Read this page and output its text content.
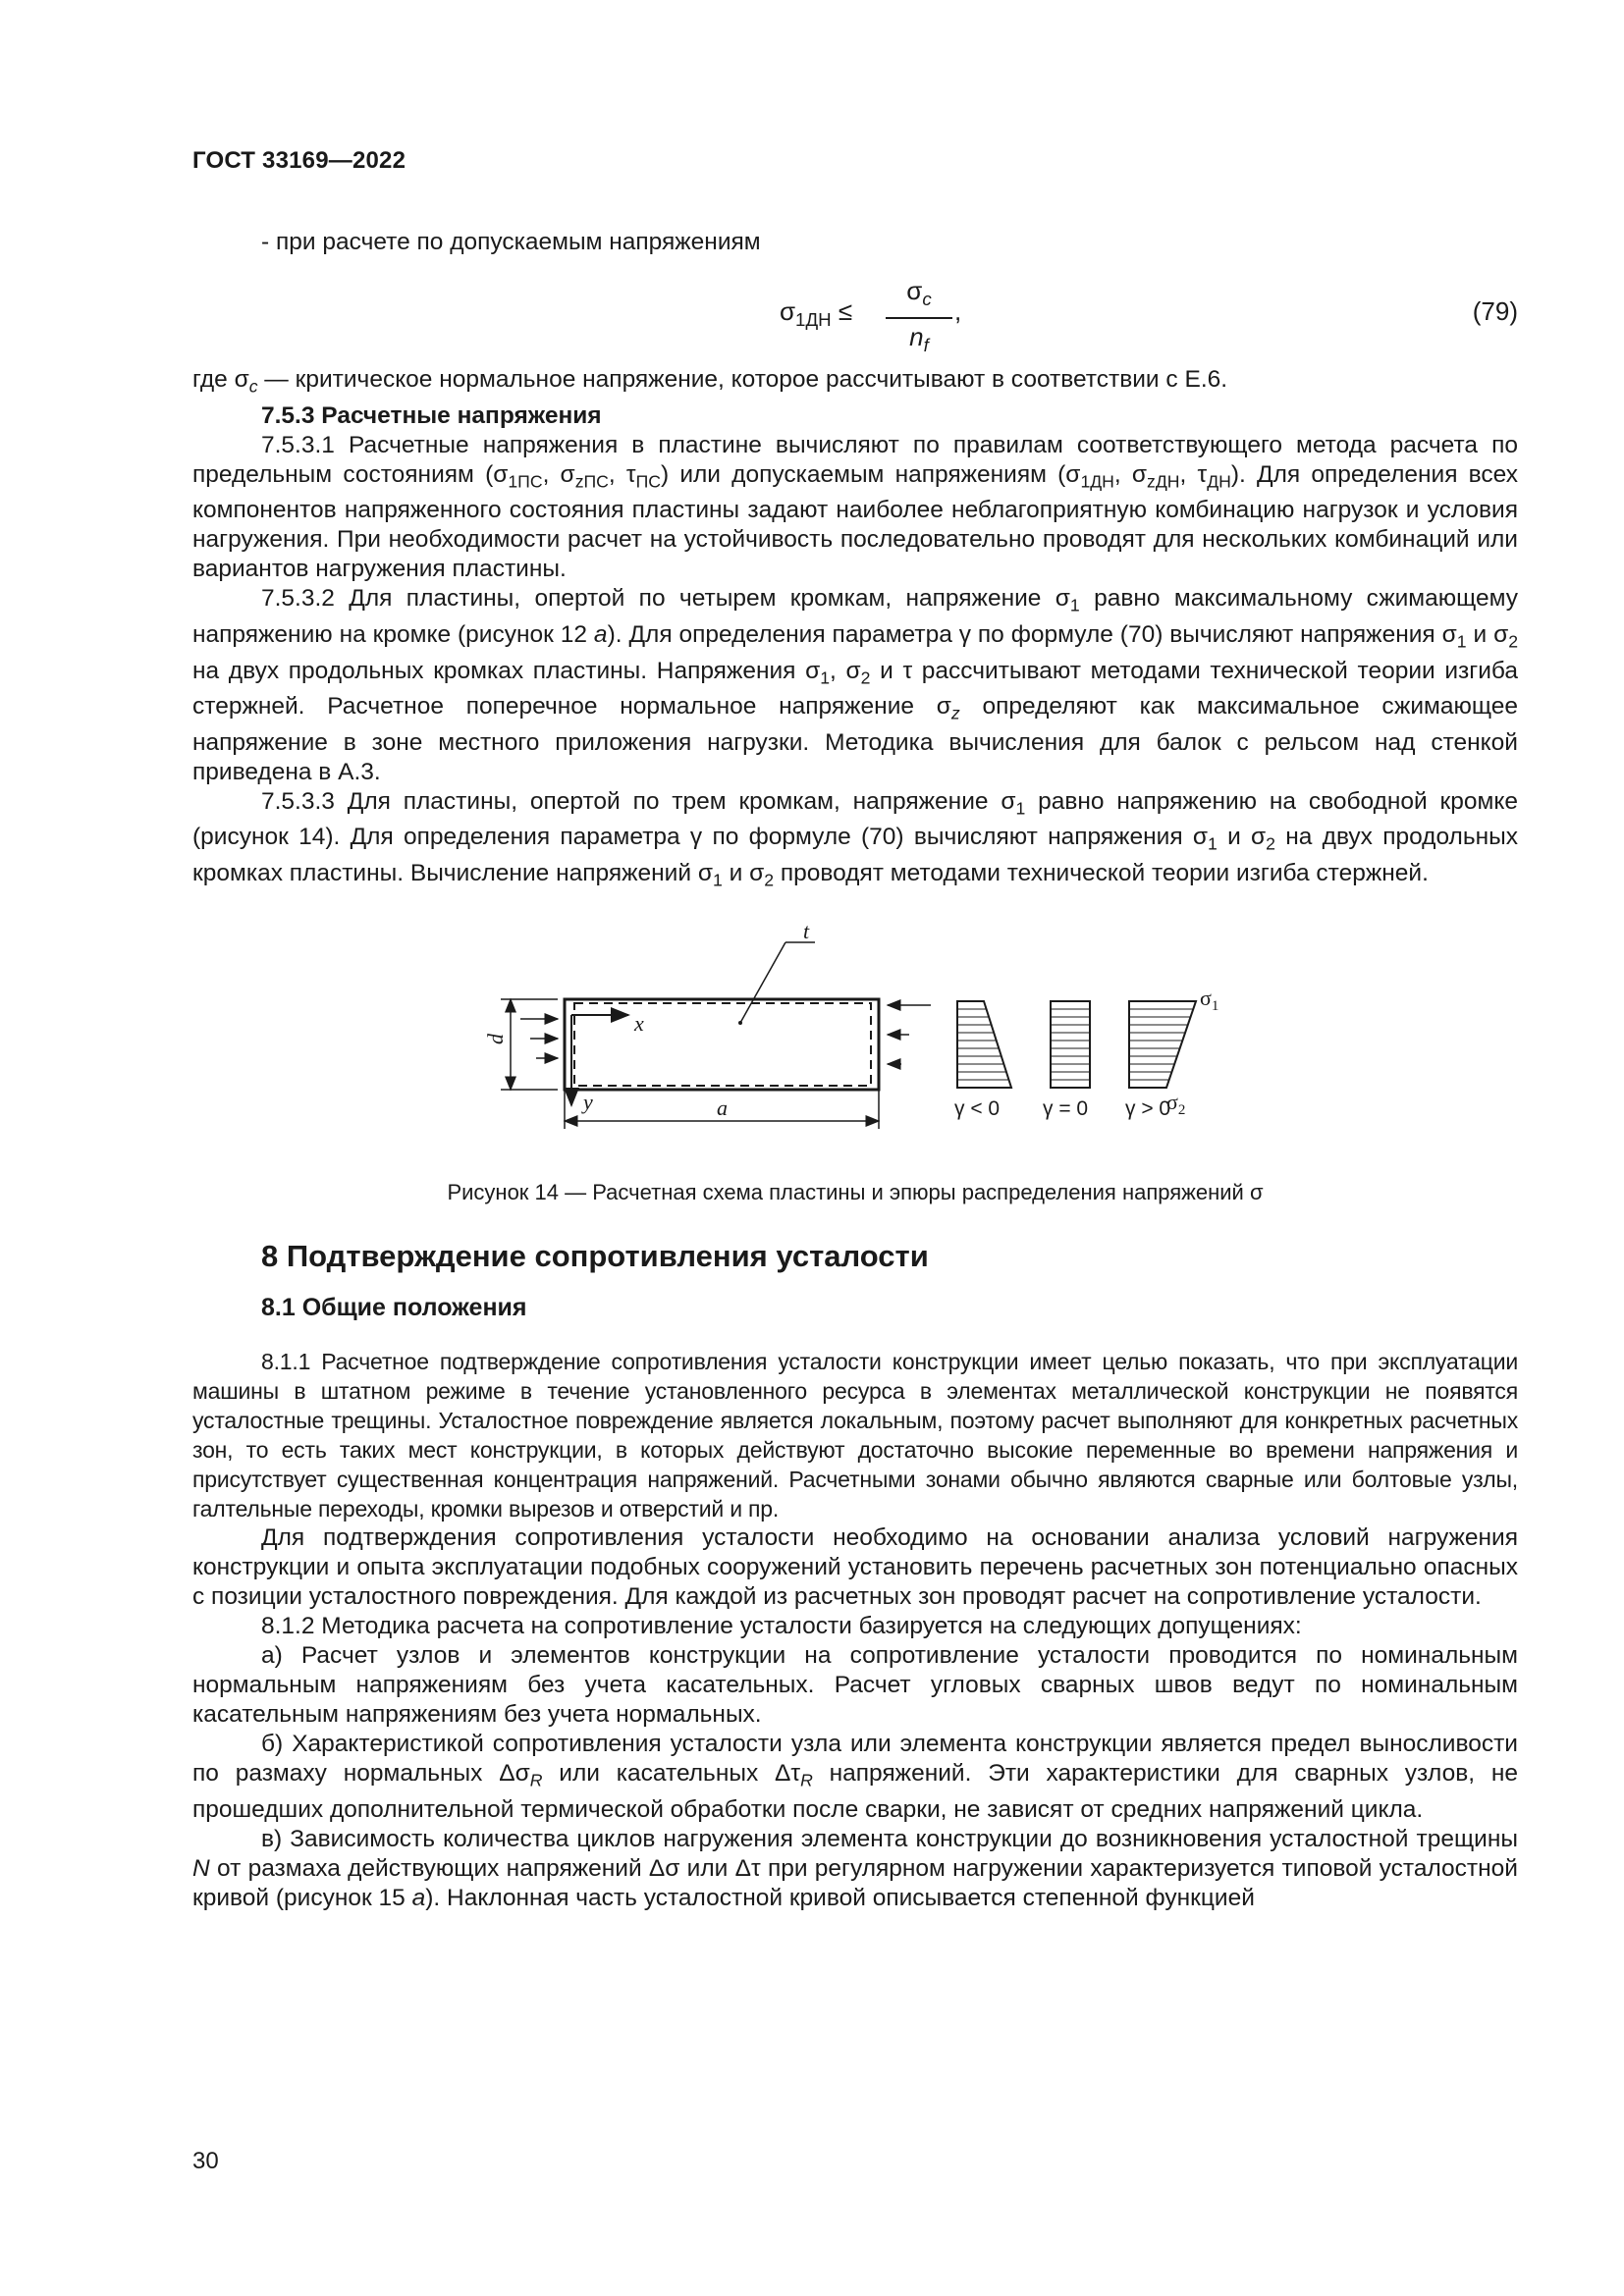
ГОСТ 33169—2022

- при расчете по допускаемым напряжениям

$\sigma_{1ДН}$ ≤
$\sigma_c$
$n_f$
,	(79)

где $\sigma_c$ — критическое нормальное напряжение, которое рассчитывают в соответствии с Е.6.

7.5.3 Расчетные напряжения

7.5.3.1 Расчетные напряжения в пластине вычисляют по правилам соответствующего метода расчета по предельным состояниям ($\sigma_{1ПС}$, $\sigma_{zПС}$, $\tau_{ПС}$) или допускаемым напряжениям ($\sigma_{1ДН}$, $\sigma_{zДН}$, $\tau_{ДН}$). Для определения всех компонентов напряженного состояния пластины задают наиболее неблагоприятную комбинацию нагрузок и условия нагружения. При необходимости расчет на устойчивость последовательно проводят для нескольких комбинаций или вариантов нагружения пластины.

7.5.3.2 Для пластины, опертой по четырем кромкам, напряжение $\sigma_1$ равно максимальному сжимающему напряжению на кромке (рисунок 12 а). Для определения параметра γ по формуле (70) вычисляют напряжения $\sigma_1$ и $\sigma_2$ на двух продольных кромках пластины. Напряжения $\sigma_1$, $\sigma_2$ и τ рассчитывают методами технической теории изгиба стержней. Расчетное поперечное нормальное напряжение $\sigma_z$ определяют как максимальное сжимающее напряжение в зоне местного приложения нагрузки. Методика вычисления для балок с рельсом над стенкой приведена в А.3.

7.5.3.3 Для пластины, опертой по трем кромкам, напряжение $\sigma_1$ равно напряжению на свободной кромке (рисунок 14). Для определения параметра γ по формуле (70) вычисляют напряжения $\sigma_1$ и $\sigma_2$ на двух продольных кромках пластины. Вычисление напряжений $\sigma_1$ и $\sigma_2$ проводят методами технической теории изгиба стержней.

t
x
y
d
a
$\sigma_1$
$\sigma_2$
γ < 0 γ = 0 γ > 0
Рисунок 14 — Расчетная схема пластины и эпюры распределения напряжений σ
8 Подтверждение сопротивления усталости
8.1 Общие положения

8.1.1 Расчетное подтверждение сопротивления усталости конструкции имеет целью показать, что при эксплуатации машины в штатном режиме в течение установленного ресурса в элементах металлической конструкции не появятся усталостные трещины. Усталостное повреждение является локальным, поэтому расчет выполняют для конкретных расчетных зон, то есть таких мест конструкции, в которых действуют достаточно высокие переменные во времени напряжения и присутствует существенная концентрация напряжений. Расчетными зонами обычно являются сварные или болтовые узлы, галтельные переходы, кромки вырезов и отверстий и пр.

Для подтверждения сопротивления усталости необходимо на основании анализа условий нагружения конструкции и опыта эксплуатации подобных сооружений установить перечень расчетных зон потенциально опасных с позиции усталостного повреждения. Для каждой из расчетных зон проводят расчет на сопротивление усталости.

8.1.2 Методика расчета на сопротивление усталости базируется на следующих допущениях:

а) Расчет узлов и элементов конструкции на сопротивление усталости проводится по номинальным нормальным напряжениям без учета касательных. Расчет угловых сварных швов ведут по номинальным касательным напряжениям без учета нормальных.

б) Характеристикой сопротивления усталости узла или элемента конструкции является предел выносливости по размаху нормальных $\Delta\sigma_R$ или касательных $\Delta\tau_R$ напряжений. Эти характеристики для сварных узлов, не прошедших дополнительной термической обработки после сварки, не зависят от средних напряжений цикла.

в) Зависимость количества циклов нагружения элемента конструкции до возникновения усталостной трещины N от размаха действующих напряжений Δσ или Δτ при регулярном нагружении характеризуется типовой усталостной кривой (рисунок 15 а). Наклонная часть усталостной кривой описывается степенной функцией

30
